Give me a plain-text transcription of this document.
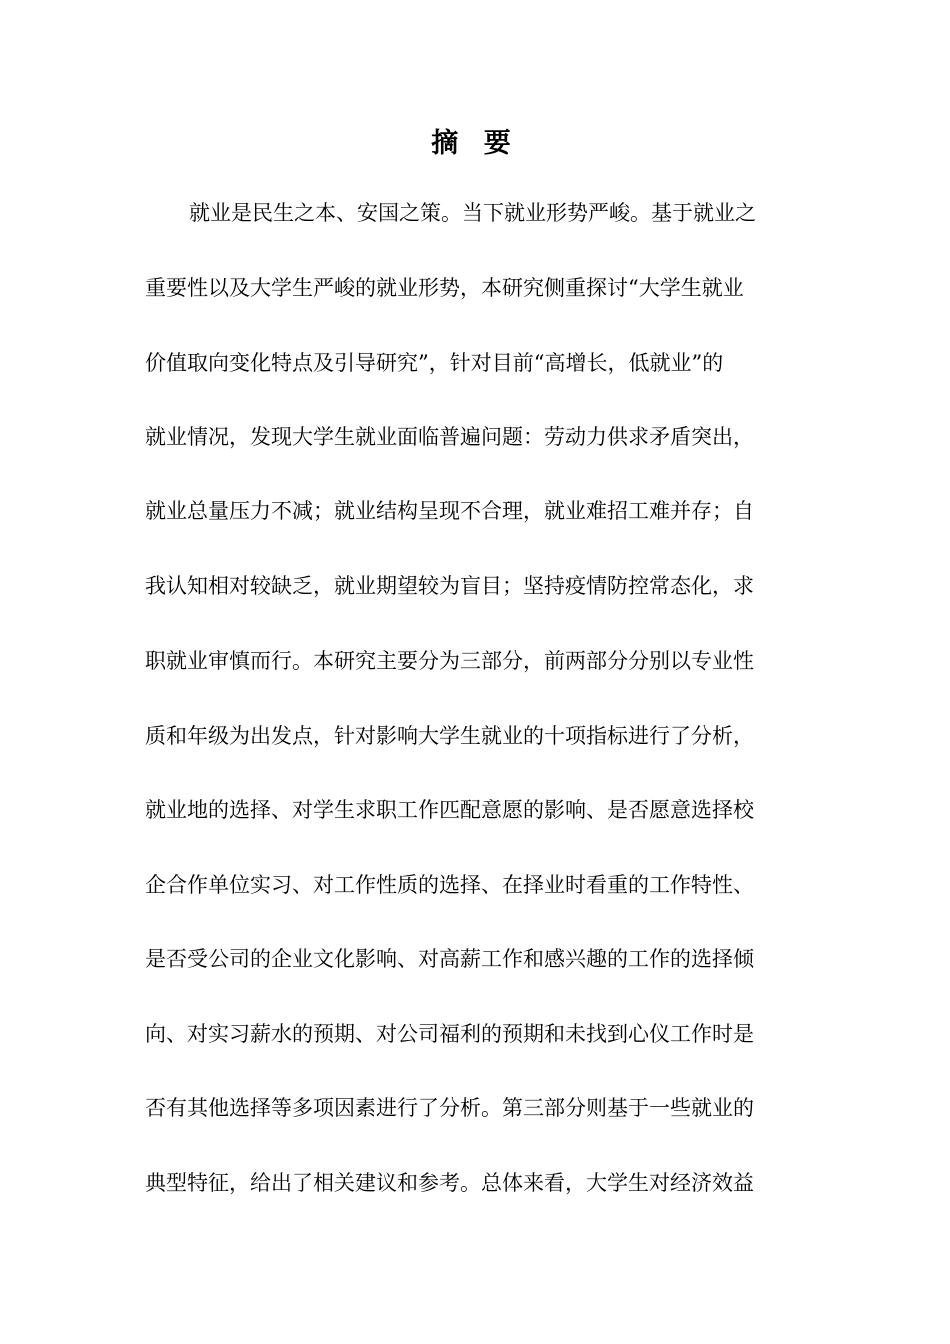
摘 要
就业是民生之本、安国之策。当下就业形势严峻。基于就业之
重要性以及大学生严峻的就业形势，本研究侧重探讨“大学生就业
价值取向变化特点及引导研究”，针对目前“高增长，低就业”的
就业情况，发现大学生就业面临普遍问题：劳动力供求矛盾突出，
就业总量压力不减；就业结构呈现不合理，就业难招工难并存；自
我认知相对较缺乏，就业期望较为盲目；坚持疫情防控常态化，求
职就业审慎而行。本研究主要分为三部分，前两部分分别以专业性
质和年级为出发点，针对影响大学生就业的十项指标进行了分析，
就业地的选择、对学生求职工作匹配意愿的影响、是否愿意选择校
企合作单位实习、对工作性质的选择、在择业时看重的工作特性、
是否受公司的企业文化影响、对高薪工作和感兴趣的工作的选择倾
向、对实习薪水的预期、对公司福利的预期和未找到心仪工作时是
否有其他选择等多项因素进行了分析。第三部分则基于一些就业的
典型特征，给出了相关建议和参考。总体来看，大学生对经济效益
